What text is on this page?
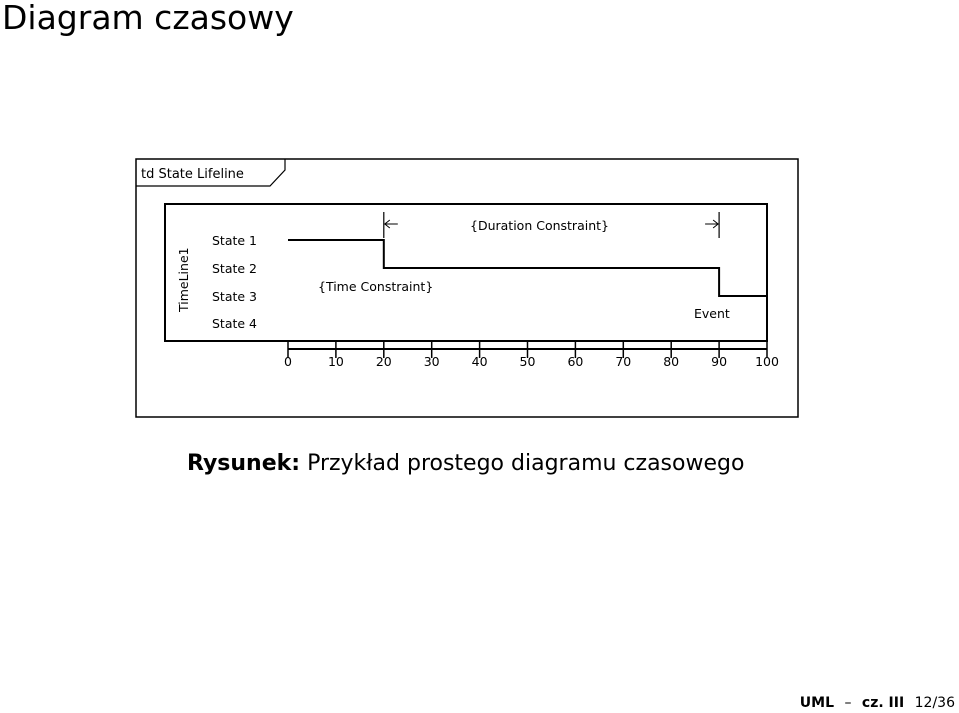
Diagram czasowy
td State Lifeline
TimeLine1
State 1
State 2
State 3
State 4
{Duration Constraint}
{Time Constraint}
Event
0	10	20	30	40	50	60	70	80	90 100
Rysunek: Przykład prostego diagramu czasowego
UML – cz. III 12/36
